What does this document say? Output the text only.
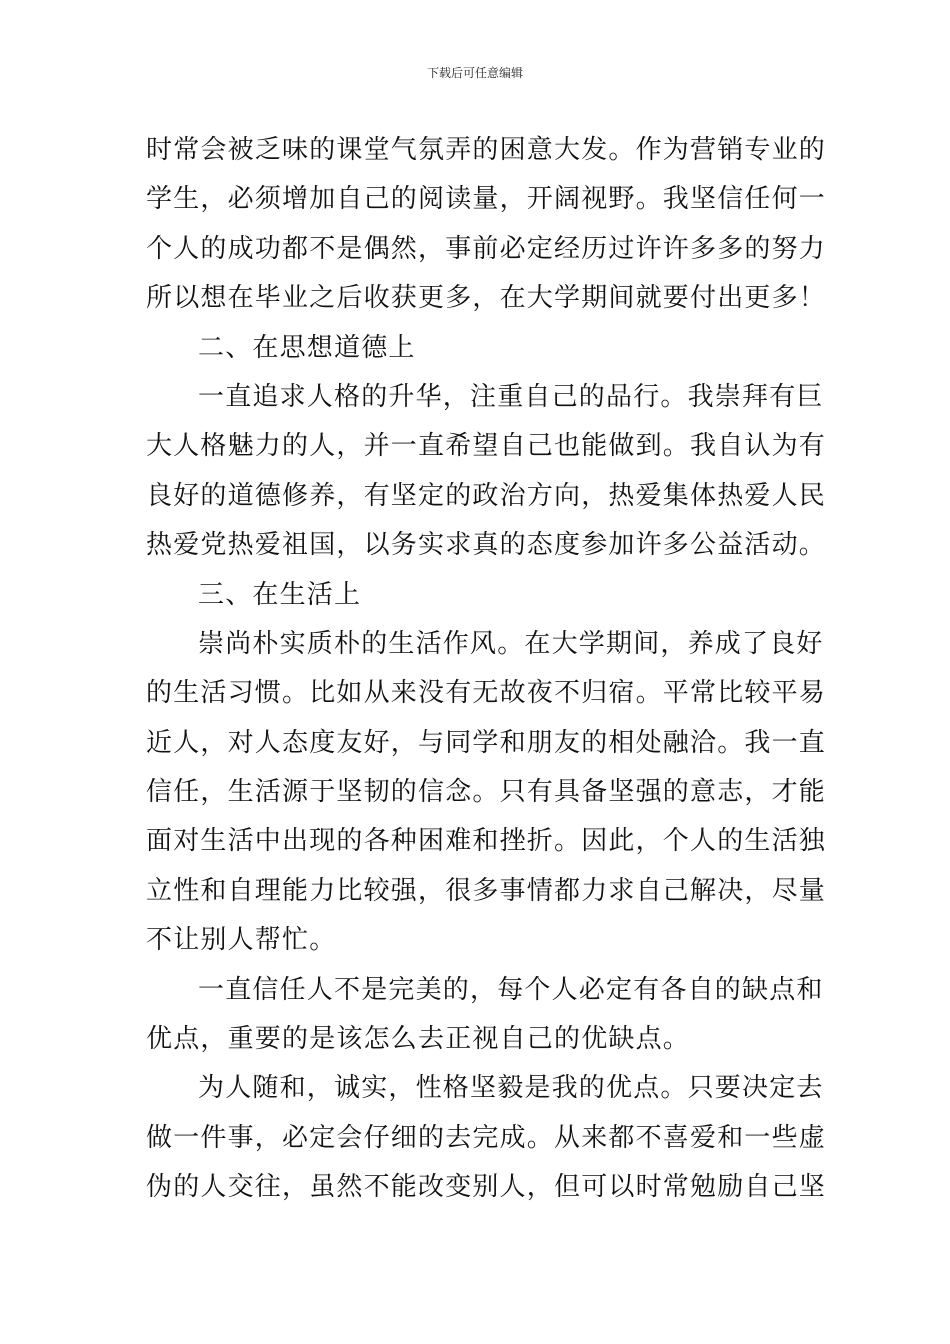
下载后可任意编辑
时常会被乏味的课堂气氛弄的困意大发。作为营销专业的
学生，必须增加自己的阅读量，开阔视野。我坚信任何一
个人的成功都不是偶然，事前必定经历过许许多多的努力
所以想在毕业之后收获更多，在大学期间就要付出更多！
二、在思想道德上
一直追求人格的升华，注重自己的品行。我崇拜有巨
大人格魅力的人，并一直希望自己也能做到。我自认为有
良好的道德修养，有坚定的政治方向，热爱集体热爱人民
热爱党热爱祖国，以务实求真的态度参加许多公益活动。
三、在生活上
崇尚朴实质朴的生活作风。在大学期间，养成了良好
的生活习惯。比如从来没有无故夜不归宿。平常比较平易
近人，对人态度友好，与同学和朋友的相处融洽。我一直
信任，生活源于坚韧的信念。只有具备坚强的意志，才能
面对生活中出现的各种困难和挫折。因此，个人的生活独
立性和自理能力比较强，很多事情都力求自己解决，尽量
不让别人帮忙。
一直信任人不是完美的，每个人必定有各自的缺点和
优点，重要的是该怎么去正视自己的优缺点。
为人随和，诚实，性格坚毅是我的优点。只要决定去
做一件事，必定会仔细的去完成。从来都不喜爱和一些虚
伪的人交往，虽然不能改变别人，但可以时常勉励自己坚
